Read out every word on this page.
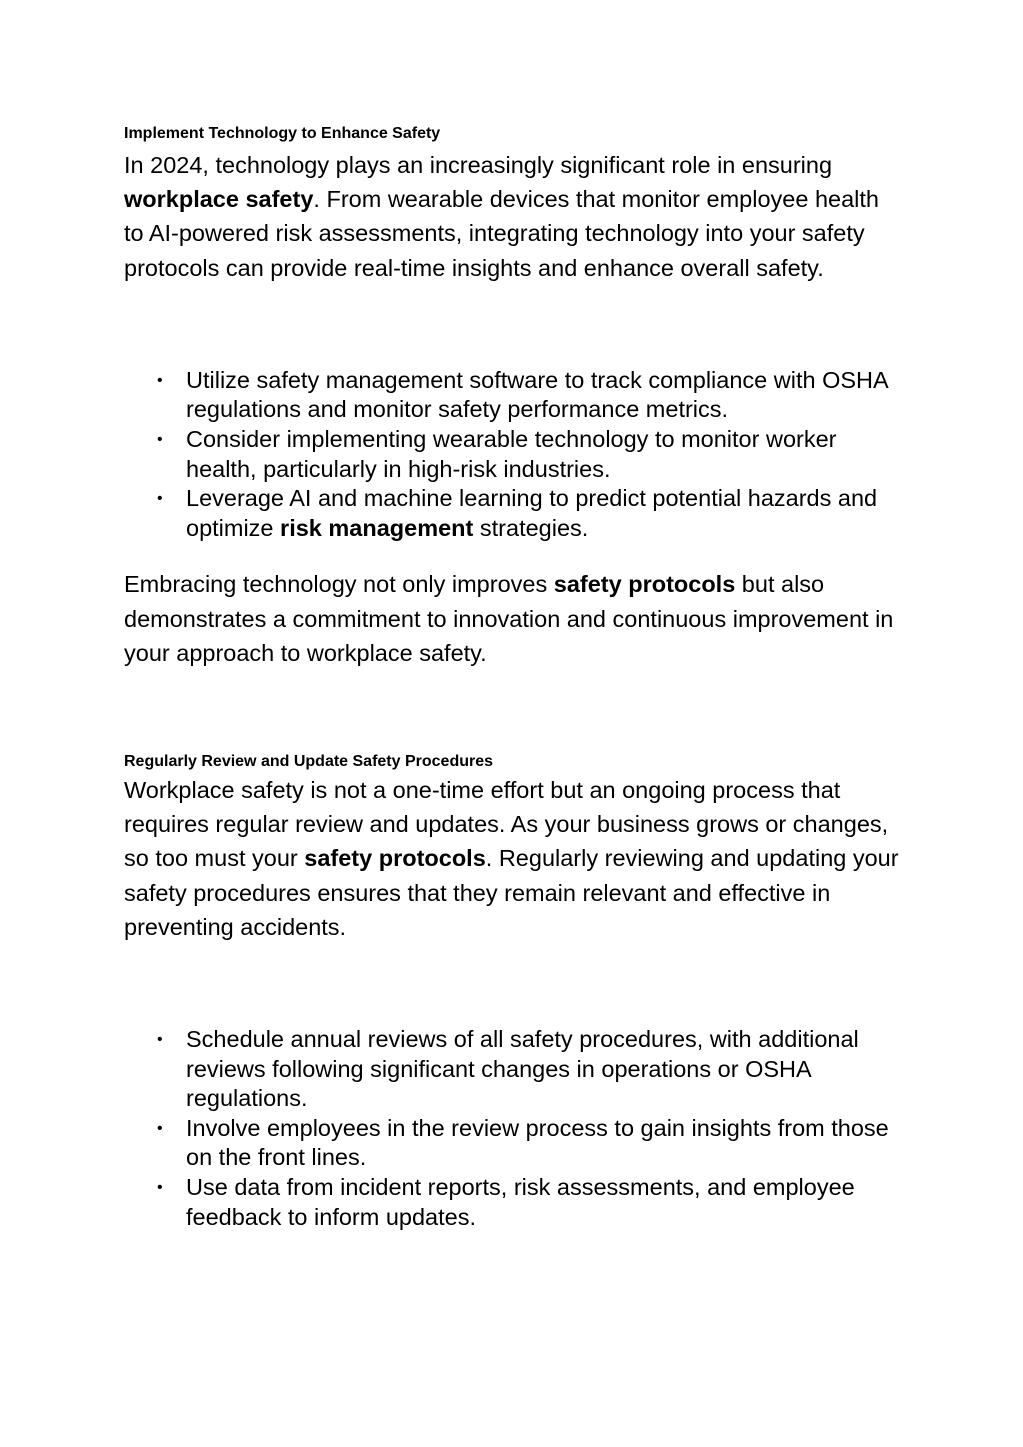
Implement Technology to Enhance Safety

In 2024, technology plays an increasingly significant role in ensuring workplace safety. From wearable devices that monitor employee health to AI-powered risk assessments, integrating technology into your safety protocols can provide real-time insights and enhance overall safety.

• Utilize safety management software to track compliance with OSHA regulations and monitor safety performance metrics.
• Consider implementing wearable technology to monitor worker health, particularly in high-risk industries.
• Leverage AI and machine learning to predict potential hazards and optimize risk management strategies.

Embracing technology not only improves safety protocols but also demonstrates a commitment to innovation and continuous improvement in your approach to workplace safety.

Regularly Review and Update Safety Procedures

Workplace safety is not a one-time effort but an ongoing process that requires regular review and updates. As your business grows or changes, so too must your safety protocols. Regularly reviewing and updating your safety procedures ensures that they remain relevant and effective in preventing accidents.

• Schedule annual reviews of all safety procedures, with additional reviews following significant changes in operations or OSHA regulations.
• Involve employees in the review process to gain insights from those on the front lines.
• Use data from incident reports, risk assessments, and employee feedback to inform updates.
